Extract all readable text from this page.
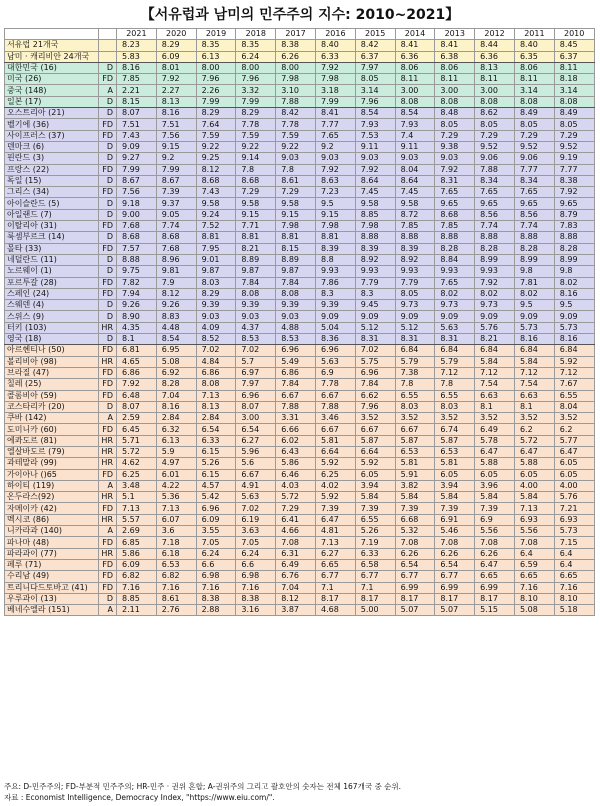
【서유럽과 남미의 민주주의 지수: 2010~2021】
		2021	2020	2019	2018	2017	2016	2015	2014	2013	2012	2011	2010
서유럽 21개국		8.23	8.29	8.35	8.35	8.38	8.40	8.42	8.41	8.41	8.44	8.40	8.45
남미 · 캐리비안 24개국		5.83	6.09	6.13	6.24	6.26	6.33	6.37	6.36	6.38	6.36	6.35	6.37
대한민국 (16)	D	8.16	8.01	8.00	8.00	8.00	7.92	7.97	8.06	8.06	8.13	8.06	8.11
미국 (26)	FD	7.85	7.92	7.96	7.96	7.98	7.98	8.05	8.11	8.11	8.11	8.11	8.18
중국 (148)	A	2.21	2.27	2.26	3.32	3.10	3.18	3.14	3.00	3.00	3.00	3.14	3.14
일본 (17)	D	8.15	8.13	7.99	7.99	7.88	7.99	7.96	8.08	8.08	8.08	8.08	8.08
오스트리아 (21)	D	8.07	8.16	8.29	8.29	8.42	8.41	8.54	8.54	8.48	8.62	8.49	8.49
벨기에 (36)	FD	7.51	7.51	7.64	7.78	7.78	7.77	7.93	7.93	8.05	8.05	8.05	8.05
사이프러스 (37)	FD	7.43	7.56	7.59	7.59	7.59	7.65	7.53	7.4	7.29	7.29	7.29	7.29
덴마크 (6)	D	9.09	9.15	9.22	9.22	9.22	9.2	9.11	9.11	9.38	9.52	9.52	9.52
핀란드 (3)	D	9.27	9.2	9.25	9.14	9.03	9.03	9.03	9.03	9.03	9.06	9.06	9.19
프랑스 (22)	FD	7.99	7.99	8.12	7.8	7.8	7.92	7.92	8.04	7.92	7.88	7.77	7.77
독일 (15)	D	8.67	8.67	8.68	8.68	8.61	8.63	8.64	8.64	8.31	8.34	8.34	8.38
그리스 (34)	FD	7.56	7.39	7.43	7.29	7.29	7.23	7.45	7.45	7.65	7.65	7.65	7.92
아이슬란드 (5)	D	9.18	9.37	9.58	9.58	9.58	9.5	9.58	9.58	9.65	9.65	9.65	9.65
아일랜드 (7)	D	9.00	9.05	9.24	9.15	9.15	9.15	8.85	8.72	8.68	8.56	8.56	8.79
이탈리아 (31)	FD	7.68	7.74	7.52	7.71	7.98	7.98	7.98	7.85	7.85	7.74	7.74	7.83
룩셈부르크 (14)	D	8.68	8.68	8.81	8.81	8.81	8.81	8.88	8.88	8.88	8.88	8.88	8.88
몰타 (33)	FD	7.57	7.68	7.95	8.21	8.15	8.39	8.39	8.39	8.28	8.28	8.28	8.28
네덜란드 (11)	D	8.88	8.96	9.01	8.89	8.89	8.8	8.92	8.92	8.84	8.99	8.99	8.99
노르웨이 (1)	D	9.75	9.81	9.87	9.87	9.87	9.93	9.93	9.93	9.93	9.93	9.8	9.8
포르투갈 (28)	FD	7.82	7.9	8.03	7.84	7.84	7.86	7.79	7.79	7.65	7.92	7.81	8.02
스페인 (24)	FD	7.94	8.12	8.29	8.08	8.08	8.3	8.3	8.05	8.02	8.02	8.02	8.16
스웨덴 (4)	D	9.26	9.26	9.39	9.39	9.39	9.39	9.45	9.73	9.73	9.73	9.5	9.5
스위스 (9)	D	8.90	8.83	9.03	9.03	9.03	9.09	9.09	9.09	9.09	9.09	9.09	9.09
터키 (103)	HR	4.35	4.48	4.09	4.37	4.88	5.04	5.12	5.12	5.63	5.76	5.73	5.73
영국 (18)	D	8.1	8.54	8.52	8.53	8.53	8.36	8.31	8.31	8.31	8.21	8.16	8.16
아르헨티나 (50)	FD	6.81	6.95	7.02	7.02	6.96	6.96	7.02	6.84	6.84	6.84	6.84	6.84
볼리비아 (98)	HR	4.65	5.08	4.84	5.7	5.49	5.63	5.75	5.79	5.79	5.84	5.84	5.92
브라질 (47)	FD	6.86	6.92	6.86	6.97	6.86	6.9	6.96	7.38	7.12	7.12	7.12	7.12
칠레 (25)	FD	7.92	8.28	8.08	7.97	7.84	7.78	7.84	7.8	7.8	7.54	7.54	7.67
콜롬비아 (59)	FD	6.48	7.04	7.13	6.96	6.67	6.67	6.62	6.55	6.55	6.63	6.63	6.55
코스타리카 (20)	D	8.07	8.16	8.13	8.07	7.88	7.88	7.96	8.03	8.03	8.1	8.1	8.04
쿠바 (142)	A	2.59	2.84	2.84	3.00	3.31	3.46	3.52	3.52	3.52	3.52	3.52	3.52
도미니카 (60)	FD	6.45	6.32	6.54	6.54	6.66	6.67	6.67	6.67	6.74	6.49	6.2	6.2
에콰도르 (81)	HR	5.71	6.13	6.33	6.27	6.02	5.81	5.87	5.87	5.87	5.78	5.72	5.77
엘살바도르 (79)	HR	5.72	5.9	6.15	5.96	6.43	6.64	6.64	6.53	6.53	6.47	6.47	6.47
과테말라 (99)	HR	4.62	4.97	5.26	5.6	5.86	5.92	5.92	5.81	5.81	5.88	5.88	6.05
가이아나 ()65	FD	6.25	6.01	6.15	6.67	6.46	6.25	6.05	5.91	6.05	6.05	6.05	6.05
하이티 (119)	A	3.48	4.22	4.57	4.91	4.03	4.02	3.94	3.82	3.94	3.96	4.00	4.00
온두라스(92)	HR	5.1	5.36	5.42	5.63	5.72	5.92	5.84	5.84	5.84	5.84	5.84	5.76
자메이카 (42)	FD	7.13	7.13	6.96	7.02	7.29	7.39	7.39	7.39	7.39	7.39	7.13	7.21
멕시코 (86)	HR	5.57	6.07	6.09	6.19	6.41	6.47	6.55	6.68	6.91	6.9	6.93	6.93
니카라과 (140)	A	2.69	3.6	3.55	3.63	4.66	4.81	5.26	5.32	5.46	5.56	5.56	5.73
파나마 (48)	FD	6.85	7.18	7.05	7.05	7.08	7.13	7.19	7.08	7.08	7.08	7.08	7.15
파라과이 (77)	HR	5.86	6.18	6.24	6.24	6.31	6.27	6.33	6.26	6.26	6.26	6.4	6.4
페루 (71)	FD	6.09	6.53	6.6	6.6	6.49	6.65	6.58	6.54	6.54	6.47	6.59	6.4
수리남 (49)	FD	6.82	6.82	6.98	6.98	6.76	6.77	6.77	6.77	6.77	6.65	6.65	6.65
트리니다드토바고 (41)	FD	7.16	7.16	7.16	7.16	7.04	7.1	7.1	6.99	6.99	6.99	7.16	7.16
우루과이 (13)	D	8.85	8.61	8.38	8.38	8.12	8.17	8.17	8.17	8.17	8.17	8.10	8.10
베네수엘라 (151)	A	2.11	2.76	2.88	3.16	3.87	4.68	5.00	5.07	5.07	5.15	5.08	5.18
주요: D-민주주의; FD-부분적 민주주의; HR-민주 · 권위 혼합; A-권위주의 그리고 괄호안의 숫자는 전체 167개국 중 순위.
자료 : Economist Intelligence, Democracy Index, "https://www.eiu.com/".
